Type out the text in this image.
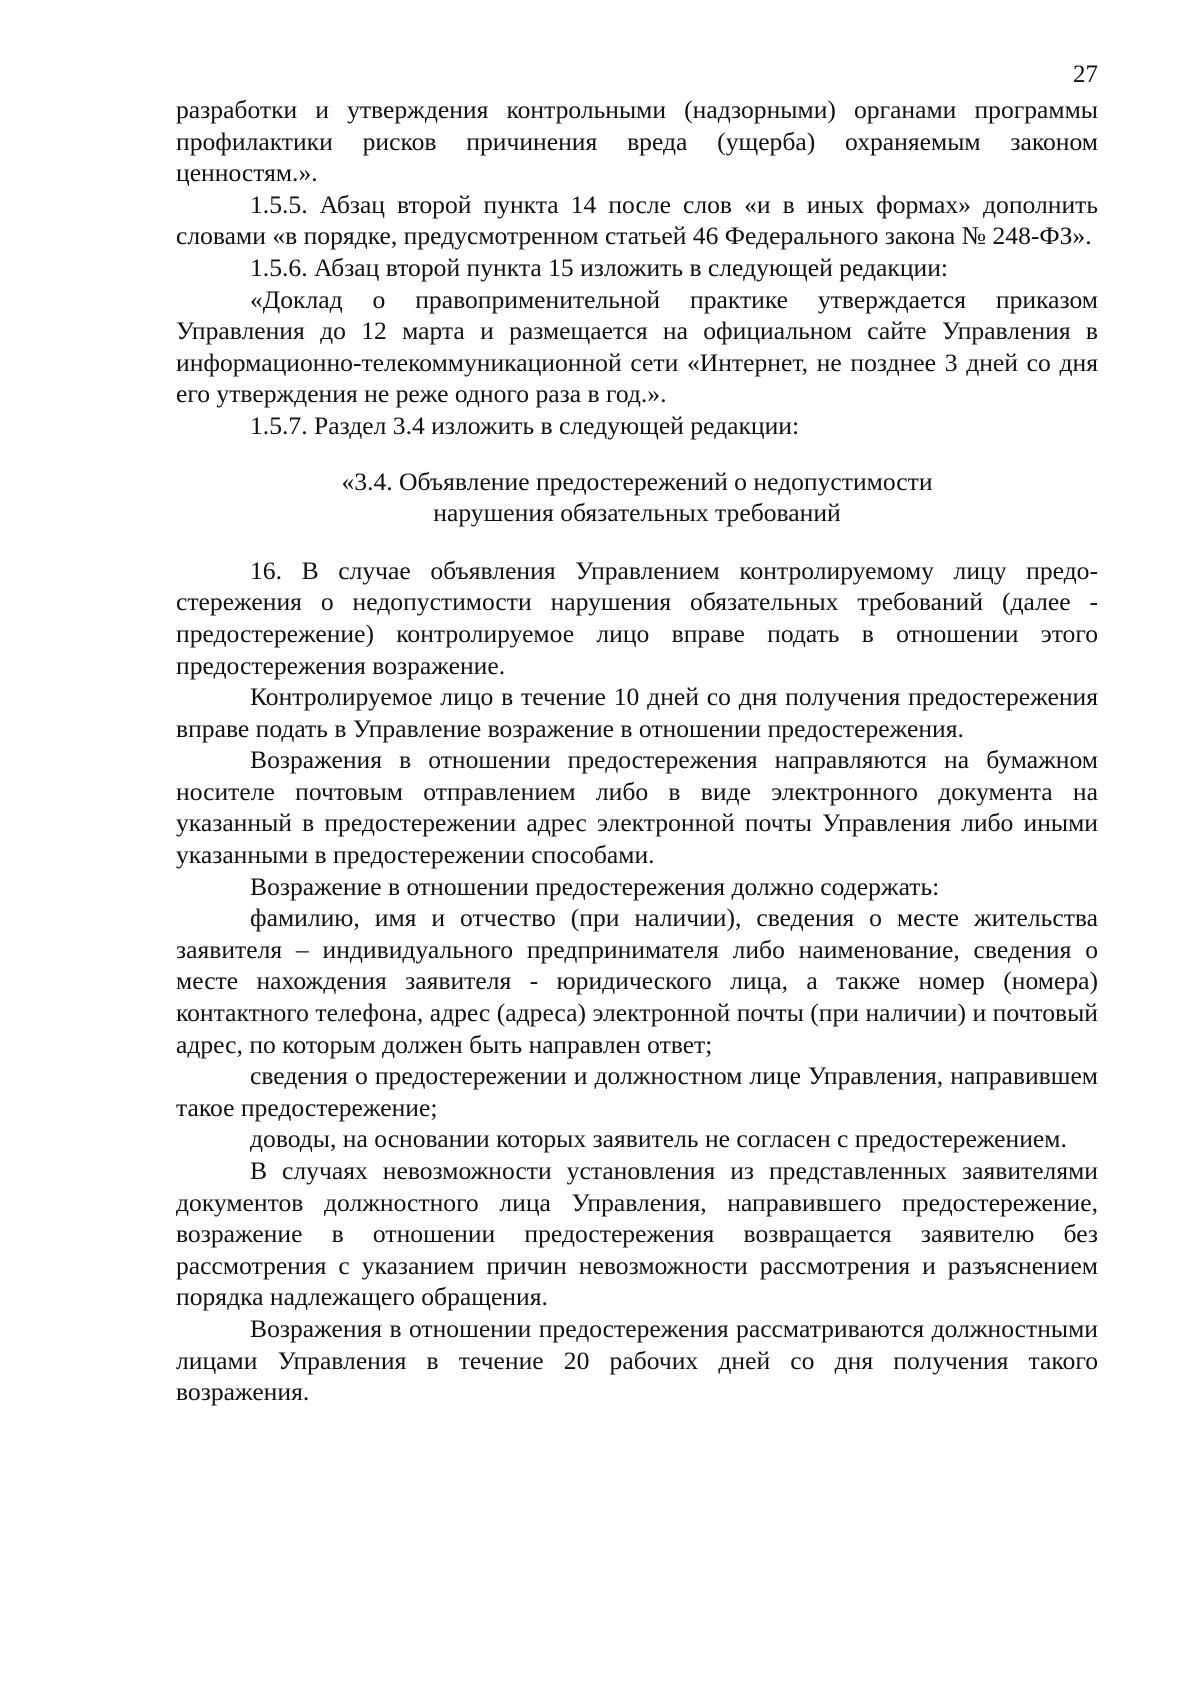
27

разработки и утверждения контрольными (надзорными) органами программы профилактики рисков причинения вреда (ущерба) охраняемым законом ценностям.».

1.5.5. Абзац второй пункта 14 после слов «и в иных формах» дополнить словами «в порядке, предусмотренном статьей 46 Федерального закона № 248-ФЗ».

1.5.6. Абзац второй пункта 15 изложить в следующей редакции:

«Доклад о правоприменительной практике утверждается приказом Управления до 12 марта и размещается на официальном сайте Управления в информационно-телекоммуникационной сети «Интернет, не позднее 3 дней со дня его утверждения не реже одного раза в год.».

1.5.7. Раздел 3.4 изложить в следующей редакции:

«3.4. Объявление предостережений о недопустимости
нарушения обязательных требований

16. В случае объявления Управлением контролируемому лицу предостережения о недопустимости нарушения обязательных требований (далее - предостережение) контролируемое лицо вправе подать в отношении этого предостережения возражение.

Контролируемое лицо в течение 10 дней со дня получения предостережения вправе подать в Управление возражение в отношении предостережения.

Возражения в отношении предостережения направляются на бумажном носителе почтовым отправлением либо в виде электронного документа на указанный в предостережении адрес электронной почты Управления либо иными указанными в предостережении способами.

Возражение в отношении предостережения должно содержать:

фамилию, имя и отчество (при наличии), сведения о месте жительства заявителя – индивидуального предпринимателя либо наименование, сведения о месте нахождения заявителя - юридического лица, а также номер (номера) контактного телефона, адрес (адреса) электронной почты (при наличии) и почтовый адрес, по которым должен быть направлен ответ;

сведения о предостережении и должностном лице Управления, направившем такое предостережение;

доводы, на основании которых заявитель не согласен с предостережением.

В случаях невозможности установления из представленных заявителями документов должностного лица Управления, направившего предостережение, возражение в отношении предостережения возвращается заявителю без рассмотрения с указанием причин невозможности рассмотрения и разъяснением порядка надлежащего обращения.

Возражения в отношении предостережения рассматриваются должностными лицами Управления в течение 20 рабочих дней со дня получения такого возражения.
